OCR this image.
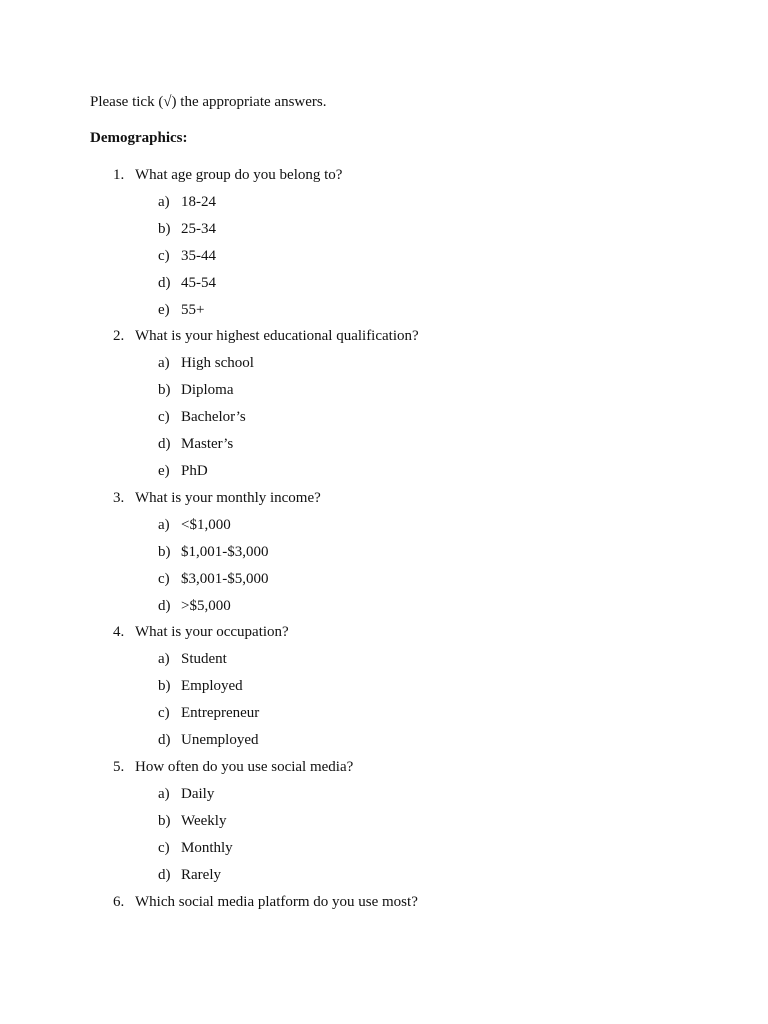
Please tick (√) the appropriate answers.
Demographics:
1. What age group do you belong to?
a) 18-24
b) 25-34
c) 35-44
d) 45-54
e) 55+
2. What is your highest educational qualification?
a) High school
b) Diploma
c) Bachelor’s
d) Master’s
e) PhD
3. What is your monthly income?
a) <$1,000
b) $1,001-$3,000
c) $3,001-$5,000
d) >$5,000
4. What is your occupation?
a) Student
b) Employed
c) Entrepreneur
d) Unemployed
5. How often do you use social media?
a) Daily
b) Weekly
c) Monthly
d) Rarely
6. Which social media platform do you use most?
